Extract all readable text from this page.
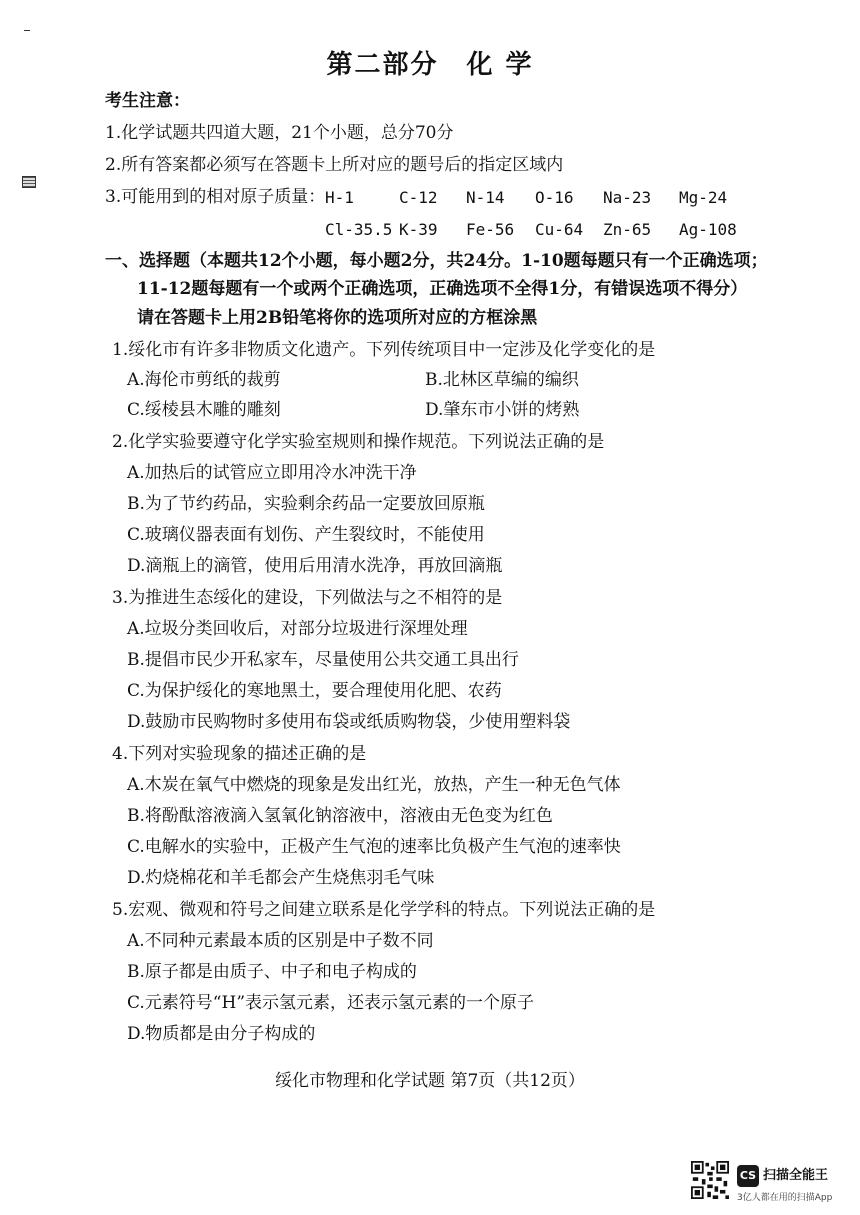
第二部分 化 学
考生注意：
1.化学试题共四道大题，21个小题，总分70分
2.所有答案都必须写在答题卡上所对应的题号后的指定区域内
3.可能用到的相对原子质量： H-1	C-12 N-14 O-16 Na-23 Mg-24
Cl-35.5 K-39 Fe-56 Cu-64 Zn-65 Ag-108
一、选择题（本题共12个小题，每小题2分，共24分。1-10题每题只有一个正确选项；
11-12题每题有一个或两个正确选项，正确选项不全得1分，有错误选项不得分）
请在答题卡上用2B铅笔将你的选项所对应的方框涂黑
1.绥化市有许多非物质文化遗产。下列传统项目中一定涉及化学变化的是
A.海伦市剪纸的裁剪	B.北林区草编的编织
C.绥棱县木雕的雕刻	D.肇东市小饼的烤熟
2.化学实验要遵守化学实验室规则和操作规范。下列说法正确的是
A.加热后的试管应立即用冷水冲洗干净
B.为了节约药品，实验剩余药品一定要放回原瓶
C.玻璃仪器表面有划伤、产生裂纹时，不能使用
D.滴瓶上的滴管，使用后用清水洗净，再放回滴瓶
3.为推进生态绥化的建设，下列做法与之不相符的是
A.垃圾分类回收后，对部分垃圾进行深埋处理
B.提倡市民少开私家车，尽量使用公共交通工具出行
C.为保护绥化的寒地黑土，要合理使用化肥、农药
D.鼓励市民购物时多使用布袋或纸质购物袋，少使用塑料袋
4.下列对实验现象的描述正确的是
A.木炭在氧气中燃烧的现象是发出红光，放热，产生一种无色气体
B.将酚酞溶液滴入氢氧化钠溶液中，溶液由无色变为红色
C.电解水的实验中，正极产生气泡的速率比负极产生气泡的速率快
D.灼烧棉花和羊毛都会产生烧焦羽毛气味
5.宏观、微观和符号之间建立联系是化学学科的特点。下列说法正确的是
A.不同种元素最本质的区别是中子数不同
B.原子都是由质子、中子和电子构成的
C.元素符号“H”表示氢元素，还表示氢元素的一个原子
D.物质都是由分子构成的
绥化市物理和化学试题 第7页（共12页）
CS 扫描全能王
3亿人都在用的扫描App
